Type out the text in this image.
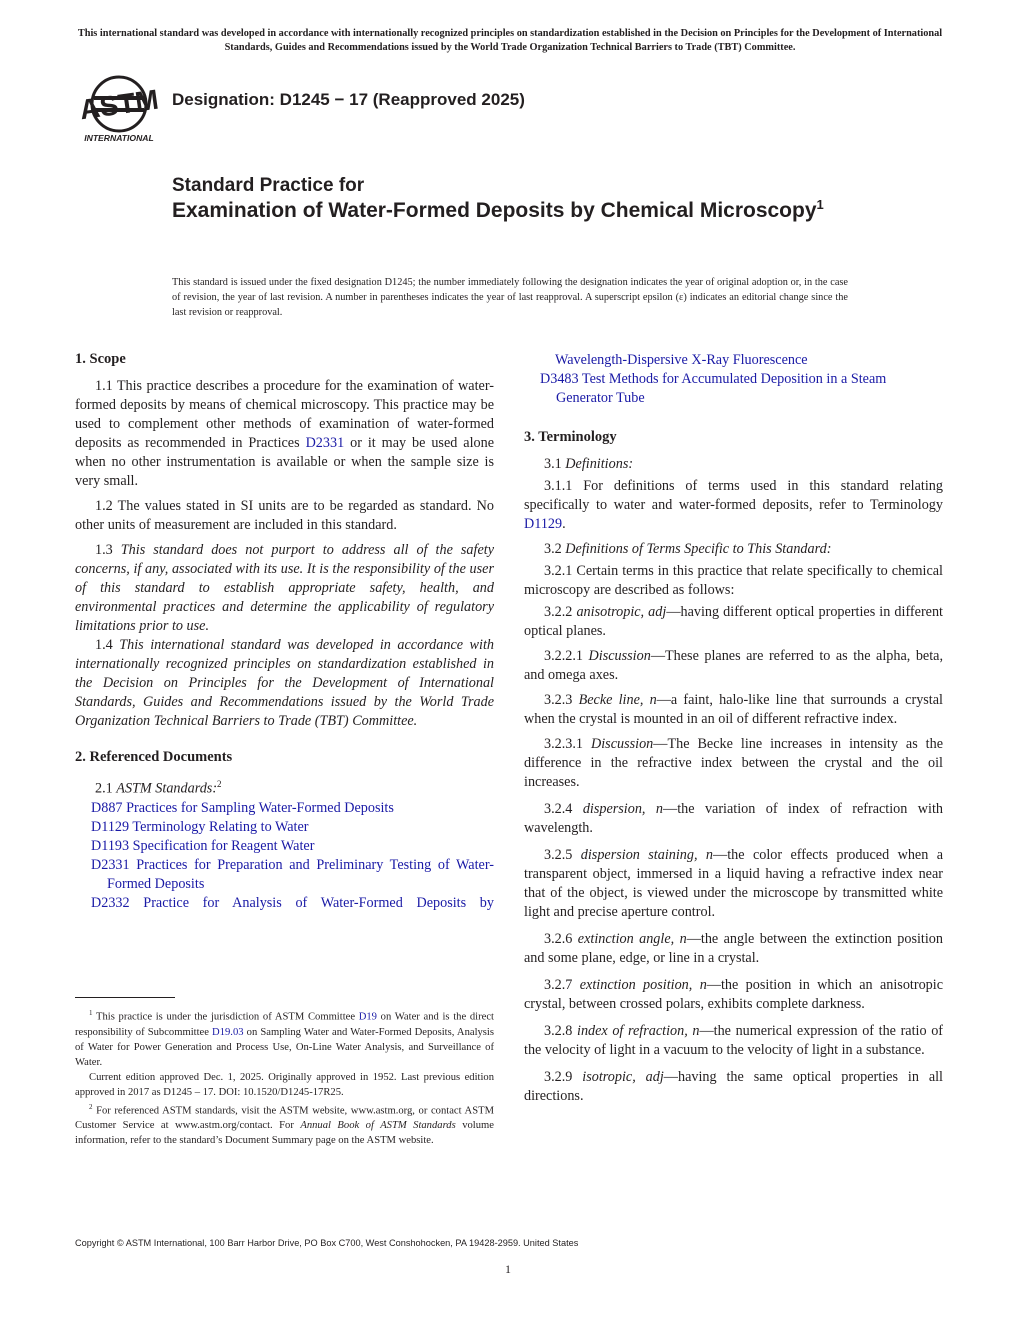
This international standard was developed in accordance with internationally recognized principles on standardization established in the Decision on Principles for the Development of International Standards, Guides and Recommendations issued by the World Trade Organization Technical Barriers to Trade (TBT) Committee.
ASTM
INTERNATIONAL
Designation: D1245 − 17 (Reapproved 2025)
Standard Practice for
Examination of Water-Formed Deposits by Chemical Microscopy$^1$
This standard is issued under the fixed designation D1245; the number immediately following the designation indicates the year of original adoption or, in the case of revision, the year of last revision. A number in parentheses indicates the year of last reapproval. A superscript epsilon (ε) indicates an editorial change since the last revision or reapproval.

1. Scope

1.1 This practice describes a procedure for the examination of water-formed deposits by means of chemical microscopy. This practice may be used to complement other methods of examination of water-formed deposits as recommended in Practices D2331 or it may be used alone when no other instrumentation is available or when the sample size is very small.

1.2 The values stated in SI units are to be regarded as standard. No other units of measurement are included in this standard.

1.3 This standard does not purport to address all of the safety concerns, if any, associated with its use. It is the responsibility of the user of this standard to establish appropriate safety, health, and environmental practices and determine the applicability of regulatory limitations prior to use.

1.4 This international standard was developed in accordance with internationally recognized principles on standardization established in the Decision on Principles for the Development of International Standards, Guides and Recommendations issued by the World Trade Organization Technical Barriers to Trade (TBT) Committee.

2. Referenced Documents

2.1 ASTM Standards:$^2$

D887 Practices for Sampling Water-Formed Deposits

D1129 Terminology Relating to Water

D1193 Specification for Reagent Water

D2331 Practices for Preparation and Preliminary Testing of Water-Formed Deposits

D2332 Practice for Analysis of Water-Formed Deposits by

Wavelength-Dispersive X-Ray Fluorescence

D3483 Test Methods for Accumulated Deposition in a Steam Generator Tube

3. Terminology

3.1 Definitions:

3.1.1 For definitions of terms used in this standard relating specifically to water and water-formed deposits, refer to Terminology D1129.

3.2 Definitions of Terms Specific to This Standard:

3.2.1 Certain terms in this practice that relate specifically to chemical microscopy are described as follows:

3.2.2 anisotropic, adj—having different optical properties in different optical planes.

3.2.2.1 Discussion—These planes are referred to as the alpha, beta, and omega axes.

3.2.3 Becke line, n—a faint, halo-like line that surrounds a crystal when the crystal is mounted in an oil of different refractive index.

3.2.3.1 Discussion—The Becke line increases in intensity as the difference in the refractive index between the crystal and the oil increases.

3.2.4 dispersion, n—the variation of index of refraction with wavelength.

3.2.5 dispersion staining, n—the color effects produced when a transparent object, immersed in a liquid having a refractive index near that of the object, is viewed under the microscope by transmitted white light and precise aperture control.

3.2.6 extinction angle, n—the angle between the extinction position and some plane, edge, or line in a crystal.

3.2.7 extinction position, n—the position in which an anisotropic crystal, between crossed polars, exhibits complete darkness.

3.2.8 index of refraction, n—the numerical expression of the ratio of the velocity of light in a vacuum to the velocity of light in a substance.

3.2.9 isotropic, adj—having the same optical properties in all directions.

$^1$ This practice is under the jurisdiction of ASTM Committee D19 on Water and is the direct responsibility of Subcommittee D19.03 on Sampling Water and Water-Formed Deposits, Analysis of Water for Power Generation and Process Use, On-Line Water Analysis, and Surveillance of Water.

Current edition approved Dec. 1, 2025. Originally approved in 1952. Last previous edition approved in 2017 as D1245 – 17. DOI: 10.1520/D1245-17R25.

$^2$ For referenced ASTM standards, visit the ASTM website, www.astm.org, or contact ASTM Customer Service at www.astm.org/contact. For Annual Book of ASTM Standards volume information, refer to the standard’s Document Summary page on the ASTM website.

Copyright © ASTM International, 100 Barr Harbor Drive, PO Box C700, West Conshohocken, PA 19428-2959. United States
1
